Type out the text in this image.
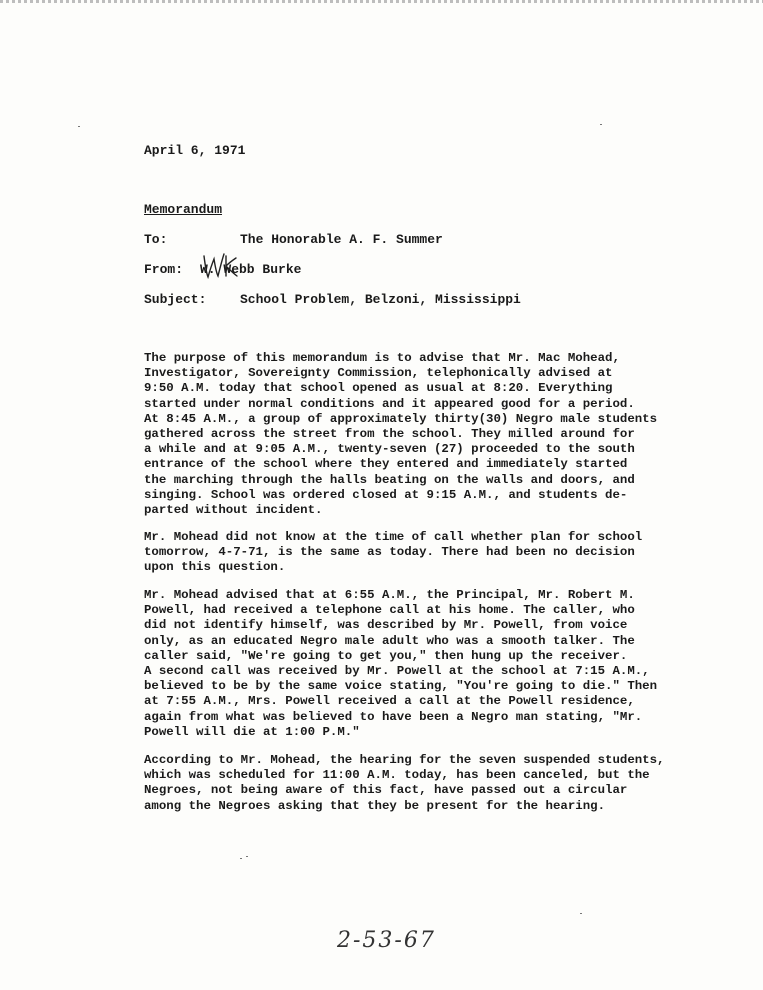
April 6, 1971
Memorandum
To:	The Honorable A. F. Summer
From: W. Webb Burke
Subject:	School Problem, Belzoni, Mississippi
The purpose of this memorandum is to advise that Mr. Mac Mohead,
Investigator, Sovereignty Commission, telephonically advised at
9:50 A.M. today that school opened as usual at 8:20. Everything
started under normal conditions and it appeared good for a period.
At 8:45 A.M., a group of approximately thirty(30) Negro male students
gathered across the street from the school. They milled around for
a while and at 9:05 A.M., twenty-seven (27) proceeded to the south
entrance of the school where they entered and immediately started
the marching through the halls beating on the walls and doors, and
singing. School was ordered closed at 9:15 A.M., and students de-
parted without incident.
Mr. Mohead did not know at the time of call whether plan for school
tomorrow, 4-7-71, is the same as today. There had been no decision
upon this question.
Mr. Mohead advised that at 6:55 A.M., the Principal, Mr. Robert M.
Powell, had received a telephone call at his home. The caller, who
did not identify himself, was described by Mr. Powell, from voice
only, as an educated Negro male adult who was a smooth talker. The
caller said, "We're going to get you," then hung up the receiver.
A second call was received by Mr. Powell at the school at 7:15 A.M.,
believed to be by the same voice stating, "You're going to die." Then
at 7:55 A.M., Mrs. Powell received a call at the Powell residence,
again from what was believed to have been a Negro man stating, "Mr.
Powell will die at 1:00 P.M."
According to Mr. Mohead, the hearing for the seven suspended students,
which was scheduled for 11:00 A.M. today, has been canceled, but the
Negroes, not being aware of this fact, have passed out a circular
among the Negroes asking that they be present for the hearing.
2-53-67
